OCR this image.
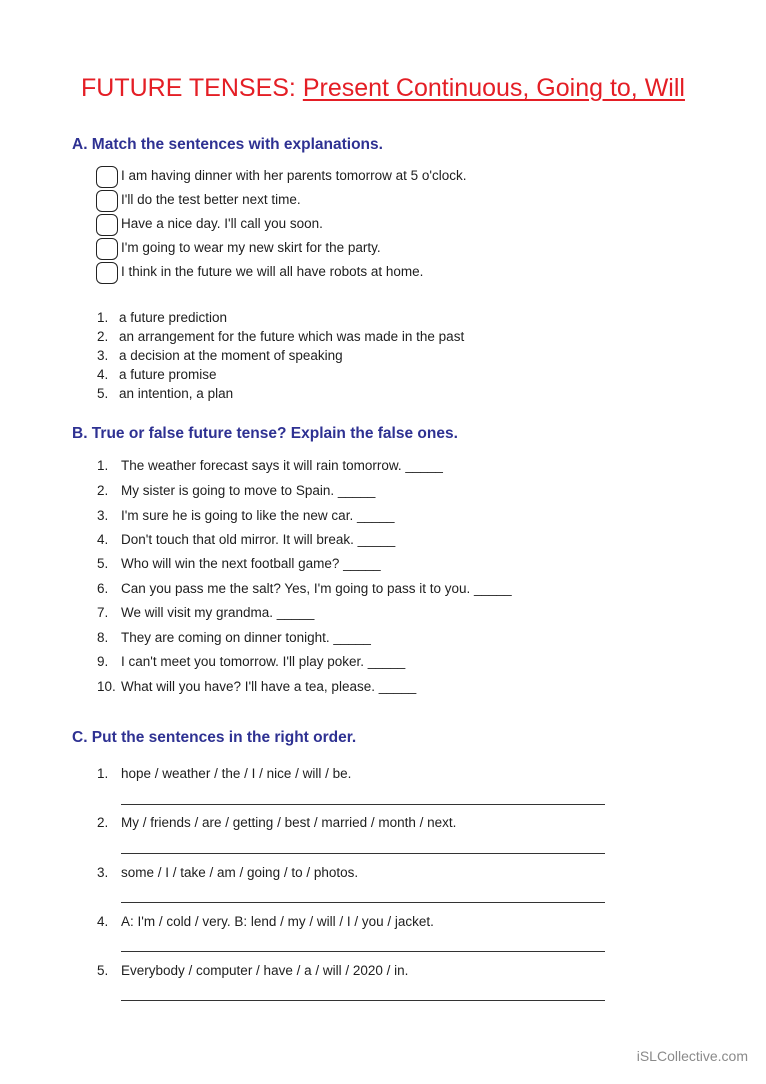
FUTURE TENSES: Present Continuous, Going to, Will
A. Match the sentences with explanations.
I am having dinner with her parents tomorrow at 5 o'clock.
I'll do the test better next time.
Have a nice day. I'll call you soon.
I'm going to wear my new skirt for the party.
I think in the future we will all have robots at home.
1. a future prediction
2. an arrangement for the future which was made in the past
3. a decision at the moment of speaking
4. a future promise
5. an intention, a plan
B. True or false future tense? Explain the false ones.
1. The weather forecast says it will rain tomorrow. _____
2. My sister is going to move to Spain. _____
3. I'm sure he is going to like the new car. _____
4. Don't touch that old mirror. It will break. _____
5. Who will win the next football game? _____
6. Can you pass me the salt? Yes, I'm going to pass it to you. _____
7. We will visit my grandma. _____
8. They are coming on dinner tonight. _____
9. I can't meet you tomorrow. I'll play poker. _____
10. What will you have? I'll have a tea, please. _____
C. Put the sentences in the right order.
1. hope / weather / the / I / nice / will / be.
2. My / friends / are / getting / best / married / month / next.
3. some / I / take / am / going / to / photos.
4. A: I'm / cold / very. B: lend / my / will / I / you / jacket.
5. Everybody / computer / have / a / will / 2020 / in.
iSLCollective.com
